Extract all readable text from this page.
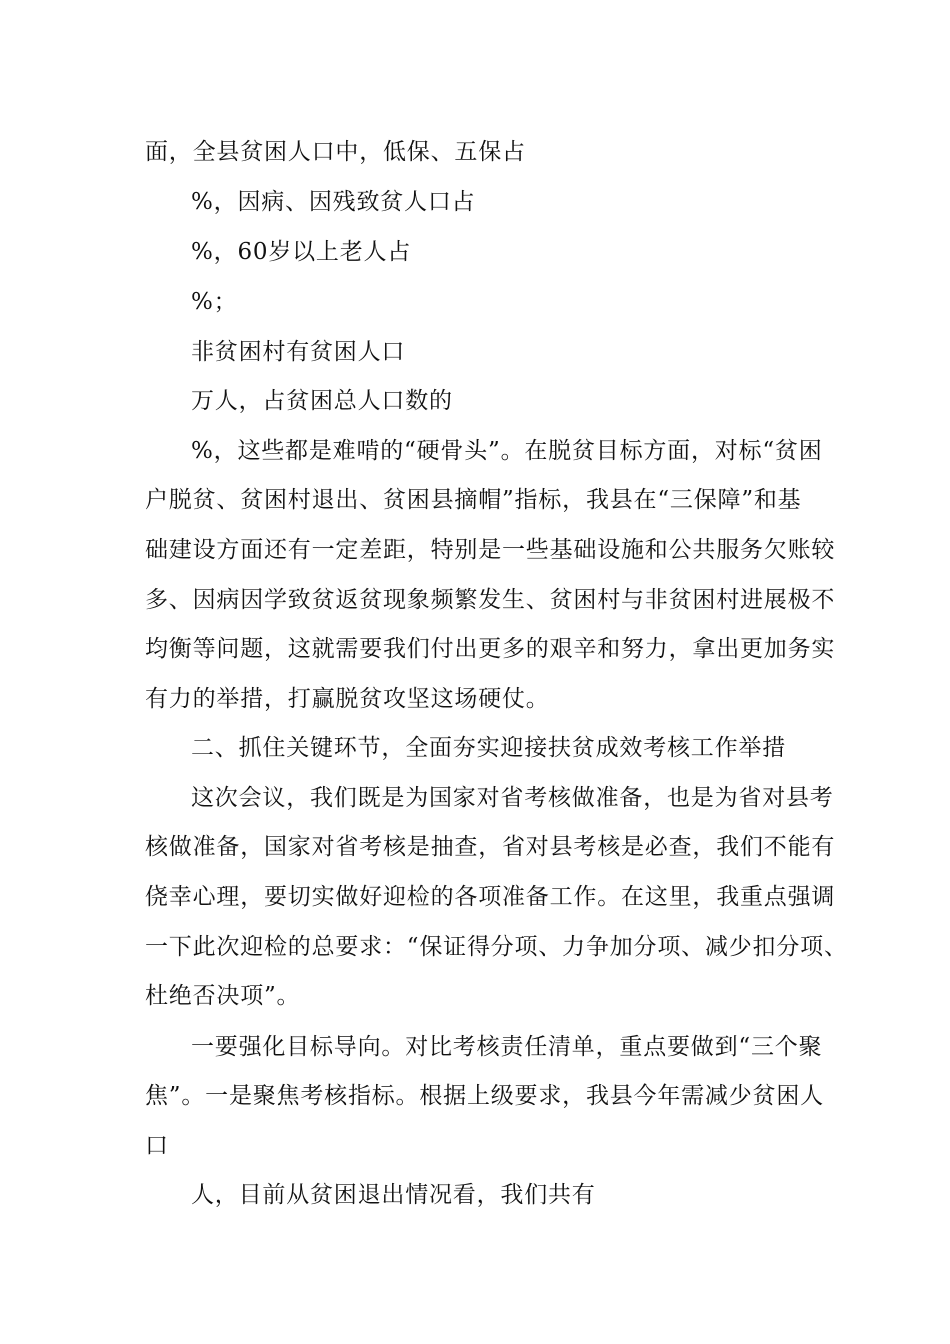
面，全县贫困人口中，低保、五保占

%，因病、因残致贫人口占

%，60岁以上老人占

%；

非贫困村有贫困人口

万人，占贫困总人口数的

%，这些都是难啃的“硬骨头”。在脱贫目标方面，对标“贫困

户脱贫、贫困村退出、贫困县摘帽”指标，我县在“三保障”和基

础建设方面还有一定差距，特别是一些基础设施和公共服务欠账较

多、因病因学致贫返贫现象频繁发生、贫困村与非贫困村进展极不

均衡等问题，这就需要我们付出更多的艰辛和努力，拿出更加务实

有力的举措，打赢脱贫攻坚这场硬仗。

二、抓住关键环节，全面夯实迎接扶贫成效考核工作举措

这次会议，我们既是为国家对省考核做准备，也是为省对县考

核做准备，国家对省考核是抽查，省对县考核是必查，我们不能有

侥幸心理，要切实做好迎检的各项准备工作。在这里，我重点强调

一下此次迎检的总要求：“保证得分项、力争加分项、减少扣分项、

杜绝否决项”。

一要强化目标导向。对比考核责任清单，重点要做到“三个聚

焦”。一是聚焦考核指标。根据上级要求，我县今年需减少贫困人

口

人，目前从贫困退出情况看，我们共有
